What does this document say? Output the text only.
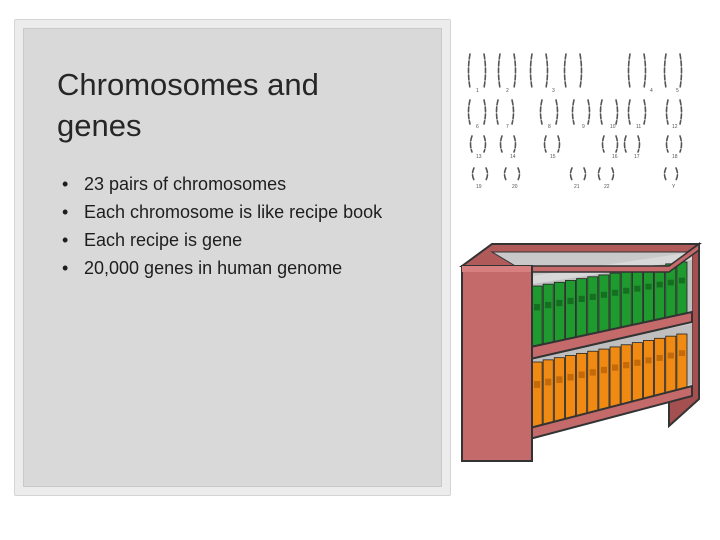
Chromosomes and
genes
• 23 pairs of chromosomes
• Each chromosome is like recipe book
• Each recipe is gene
• 20,000 genes in human genome
1	2	3	4	5
6	7	8	9	10	11	12
13	14	15	16	17	18
19	20	21	22	Y
